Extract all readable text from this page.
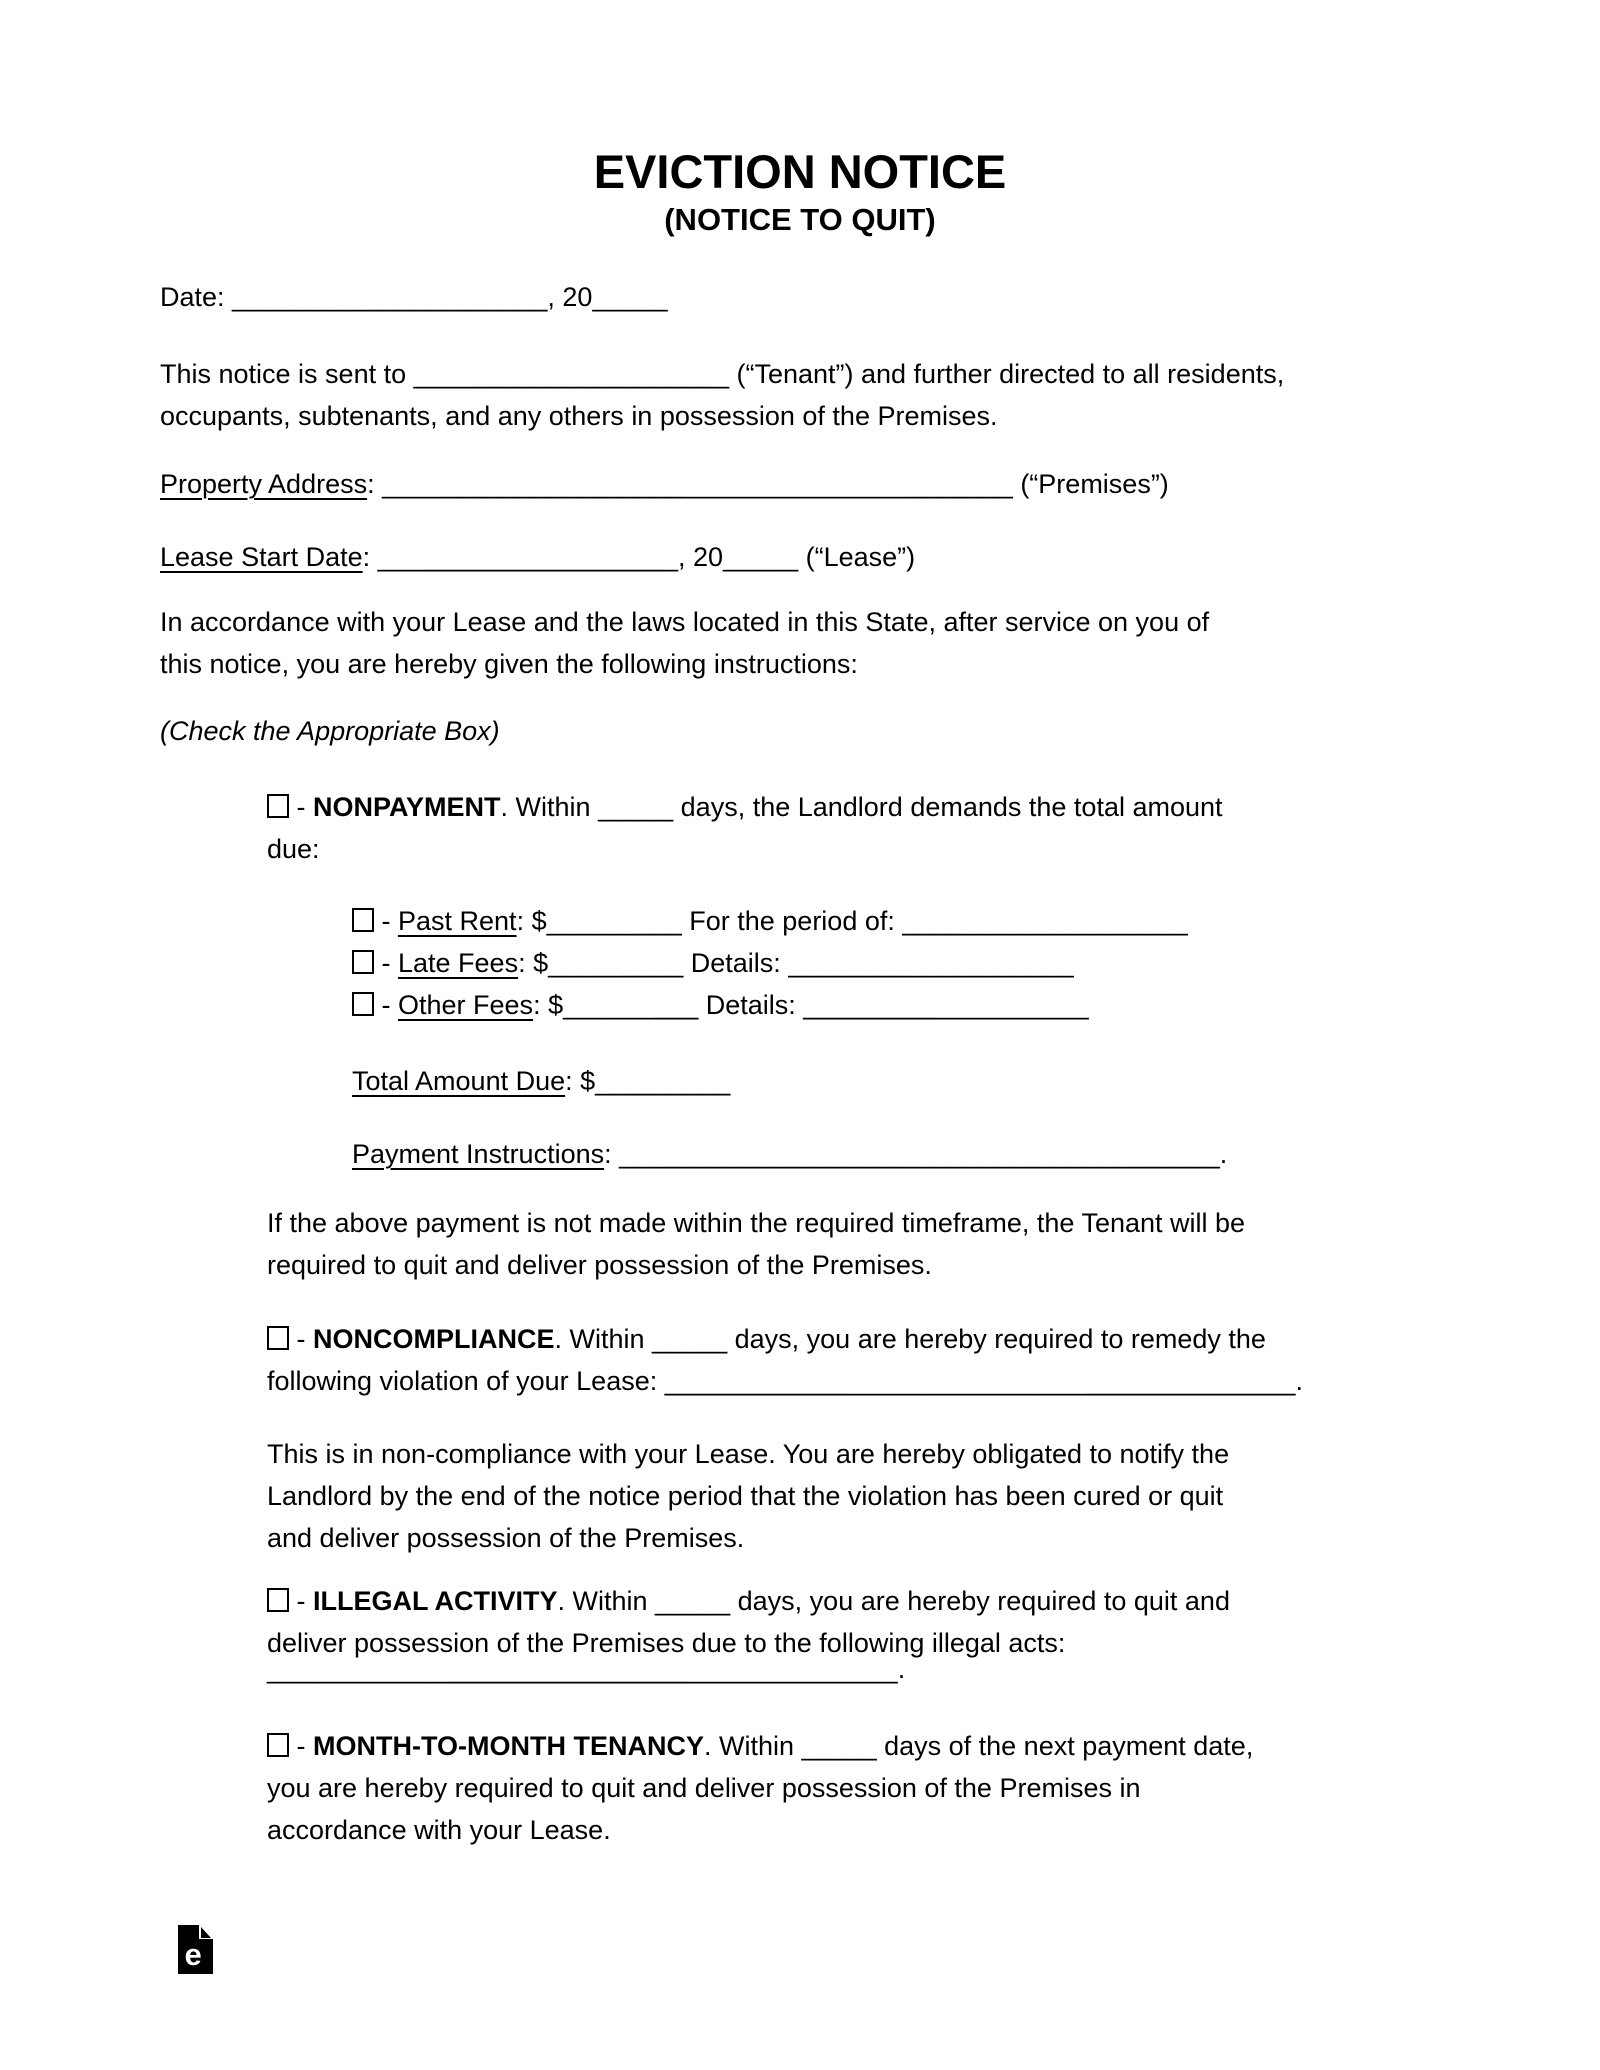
EVICTION NOTICE
(NOTICE TO QUIT)
Date: _____________________, 20_____
This notice is sent to _____________________ (“Tenant”) and further directed to all residents,
occupants, subtenants, and any others in possession of the Premises.
Property Address: __________________________________________ (“Premises”)
Lease Start Date: ____________________, 20_____ (“Lease”)
In accordance with your Lease and the laws located in this State, after service on you of
this notice, you are hereby given the following instructions:
(Check the Appropriate Box)
- NONPAYMENT. Within _____ days, the Landlord demands the total amount
due:
- Past Rent: $_________ For the period of: ___________________
- Late Fees: $_________ Details: ___________________
- Other Fees: $_________ Details: ___________________
Total Amount Due: $_________
Payment Instructions: ________________________________________.
If the above payment is not made within the required timeframe, the Tenant will be
required to quit and deliver possession of the Premises.
- NONCOMPLIANCE. Within _____ days, you are hereby required to remedy the
following violation of your Lease: __________________________________________.
This is in non-compliance with your Lease. You are hereby obligated to notify the
Landlord by the end of the notice period that the violation has been cured or quit
and deliver possession of the Premises.
- ILLEGAL ACTIVITY. Within _____ days, you are hereby required to quit and
deliver possession of the Premises due to the following illegal acts:
__________________________________________.
- MONTH-TO-MONTH TENANCY. Within _____ days of the next payment date,
you are hereby required to quit and deliver possession of the Premises in
accordance with your Lease.
e
